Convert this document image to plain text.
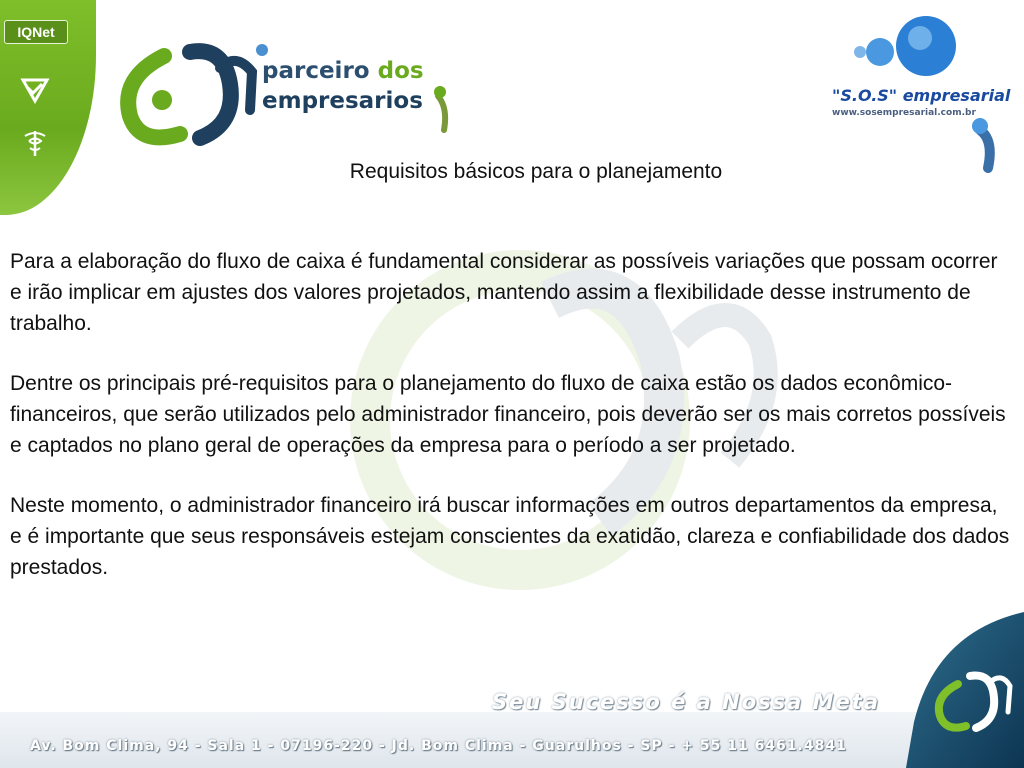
IQNet
parceiro dos
empresarios	"S.O.S" empresarial
www.sosempresarial.com.br
Requisitos básicos para o planejamento

Para a elaboração do fluxo de caixa é fundamental considerar as possíveis variações que possam ocorrer e irão implicar em ajustes dos valores projetados, mantendo assim a flexibilidade desse instrumento de trabalho.

Dentre os principais pré-requisitos para o planejamento do fluxo de caixa estão os dados econômico-financeiros, que serão utilizados pelo administrador financeiro, pois deverão ser os mais corretos possíveis e captados no plano geral de operações da empresa para o período a ser projetado.

Neste momento, o administrador financeiro irá buscar informações em outros departamentos da empresa, e é importante que seus responsáveis estejam conscientes da exatidão, clareza e confiabilidade dos dados prestados.

Seu Sucesso é a Nossa Meta
Av. Bom Clima, 94 - Sala 1 - 07196-220 - Jd. Bom Clima - Guarulhos - SP - + 55 11 6461.4841
